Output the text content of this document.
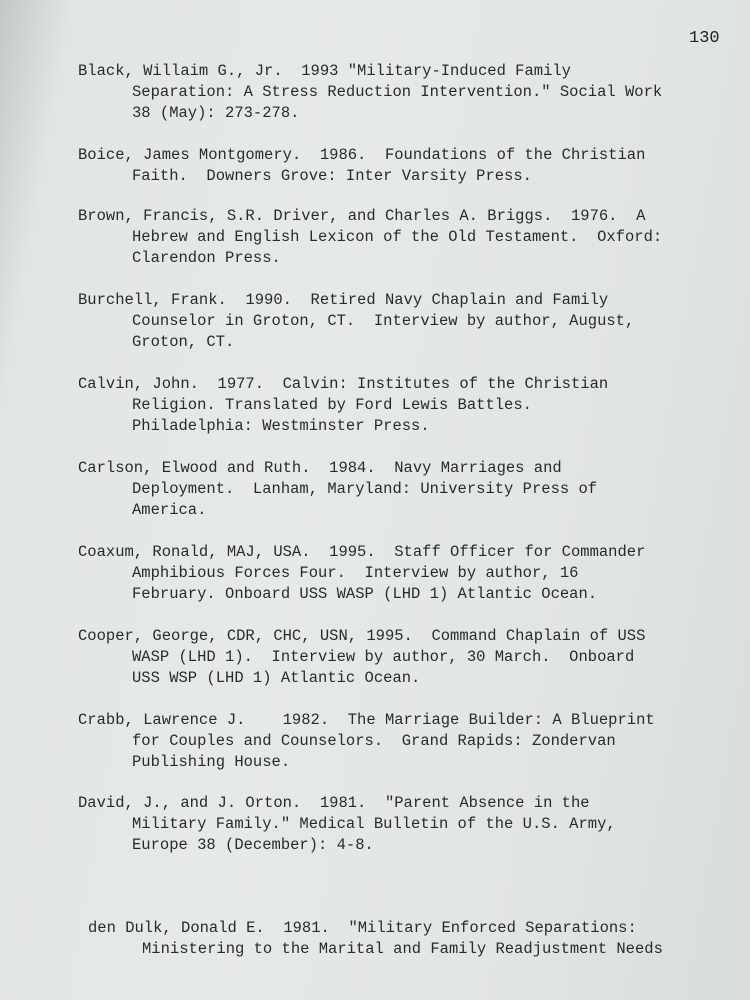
130
Black, Willaim G., Jr.  1993 "Military-Induced Family
Separation: A Stress Reduction Intervention." Social Work
38 (May): 273-278.
Boice, James Montgomery.  1986.  Foundations of the Christian
Faith.  Downers Grove: Inter Varsity Press.
Brown, Francis, S.R. Driver, and Charles A. Briggs.  1976.  A
Hebrew and English Lexicon of the Old Testament.  Oxford:
Clarendon Press.
Burchell, Frank.  1990.  Retired Navy Chaplain and Family
Counselor in Groton, CT.  Interview by author, August,
Groton, CT.
Calvin, John.  1977.  Calvin: Institutes of the Christian
Religion. Translated by Ford Lewis Battles.
Philadelphia: Westminster Press.
Carlson, Elwood and Ruth.  1984.  Navy Marriages and
Deployment.  Lanham, Maryland: University Press of
America.
Coaxum, Ronald, MAJ, USA.  1995.  Staff Officer for Commander
Amphibious Forces Four.  Interview by author, 16
February. Onboard USS WASP (LHD 1) Atlantic Ocean.
Cooper, George, CDR, CHC, USN, 1995.  Command Chaplain of USS
WASP (LHD 1).  Interview by author, 30 March.  Onboard
USS WSP (LHD 1) Atlantic Ocean.
Crabb, Lawrence J.    1982.  The Marriage Builder: A Blueprint
for Couples and Counselors.  Grand Rapids: Zondervan
Publishing House.
David, J., and J. Orton.  1981.  "Parent Absence in the
Military Family." Medical Bulletin of the U.S. Army,
Europe 38 (December): 4-8.
den Dulk, Donald E.  1981.  "Military Enforced Separations:
Ministering to the Marital and Family Readjustment Needs
